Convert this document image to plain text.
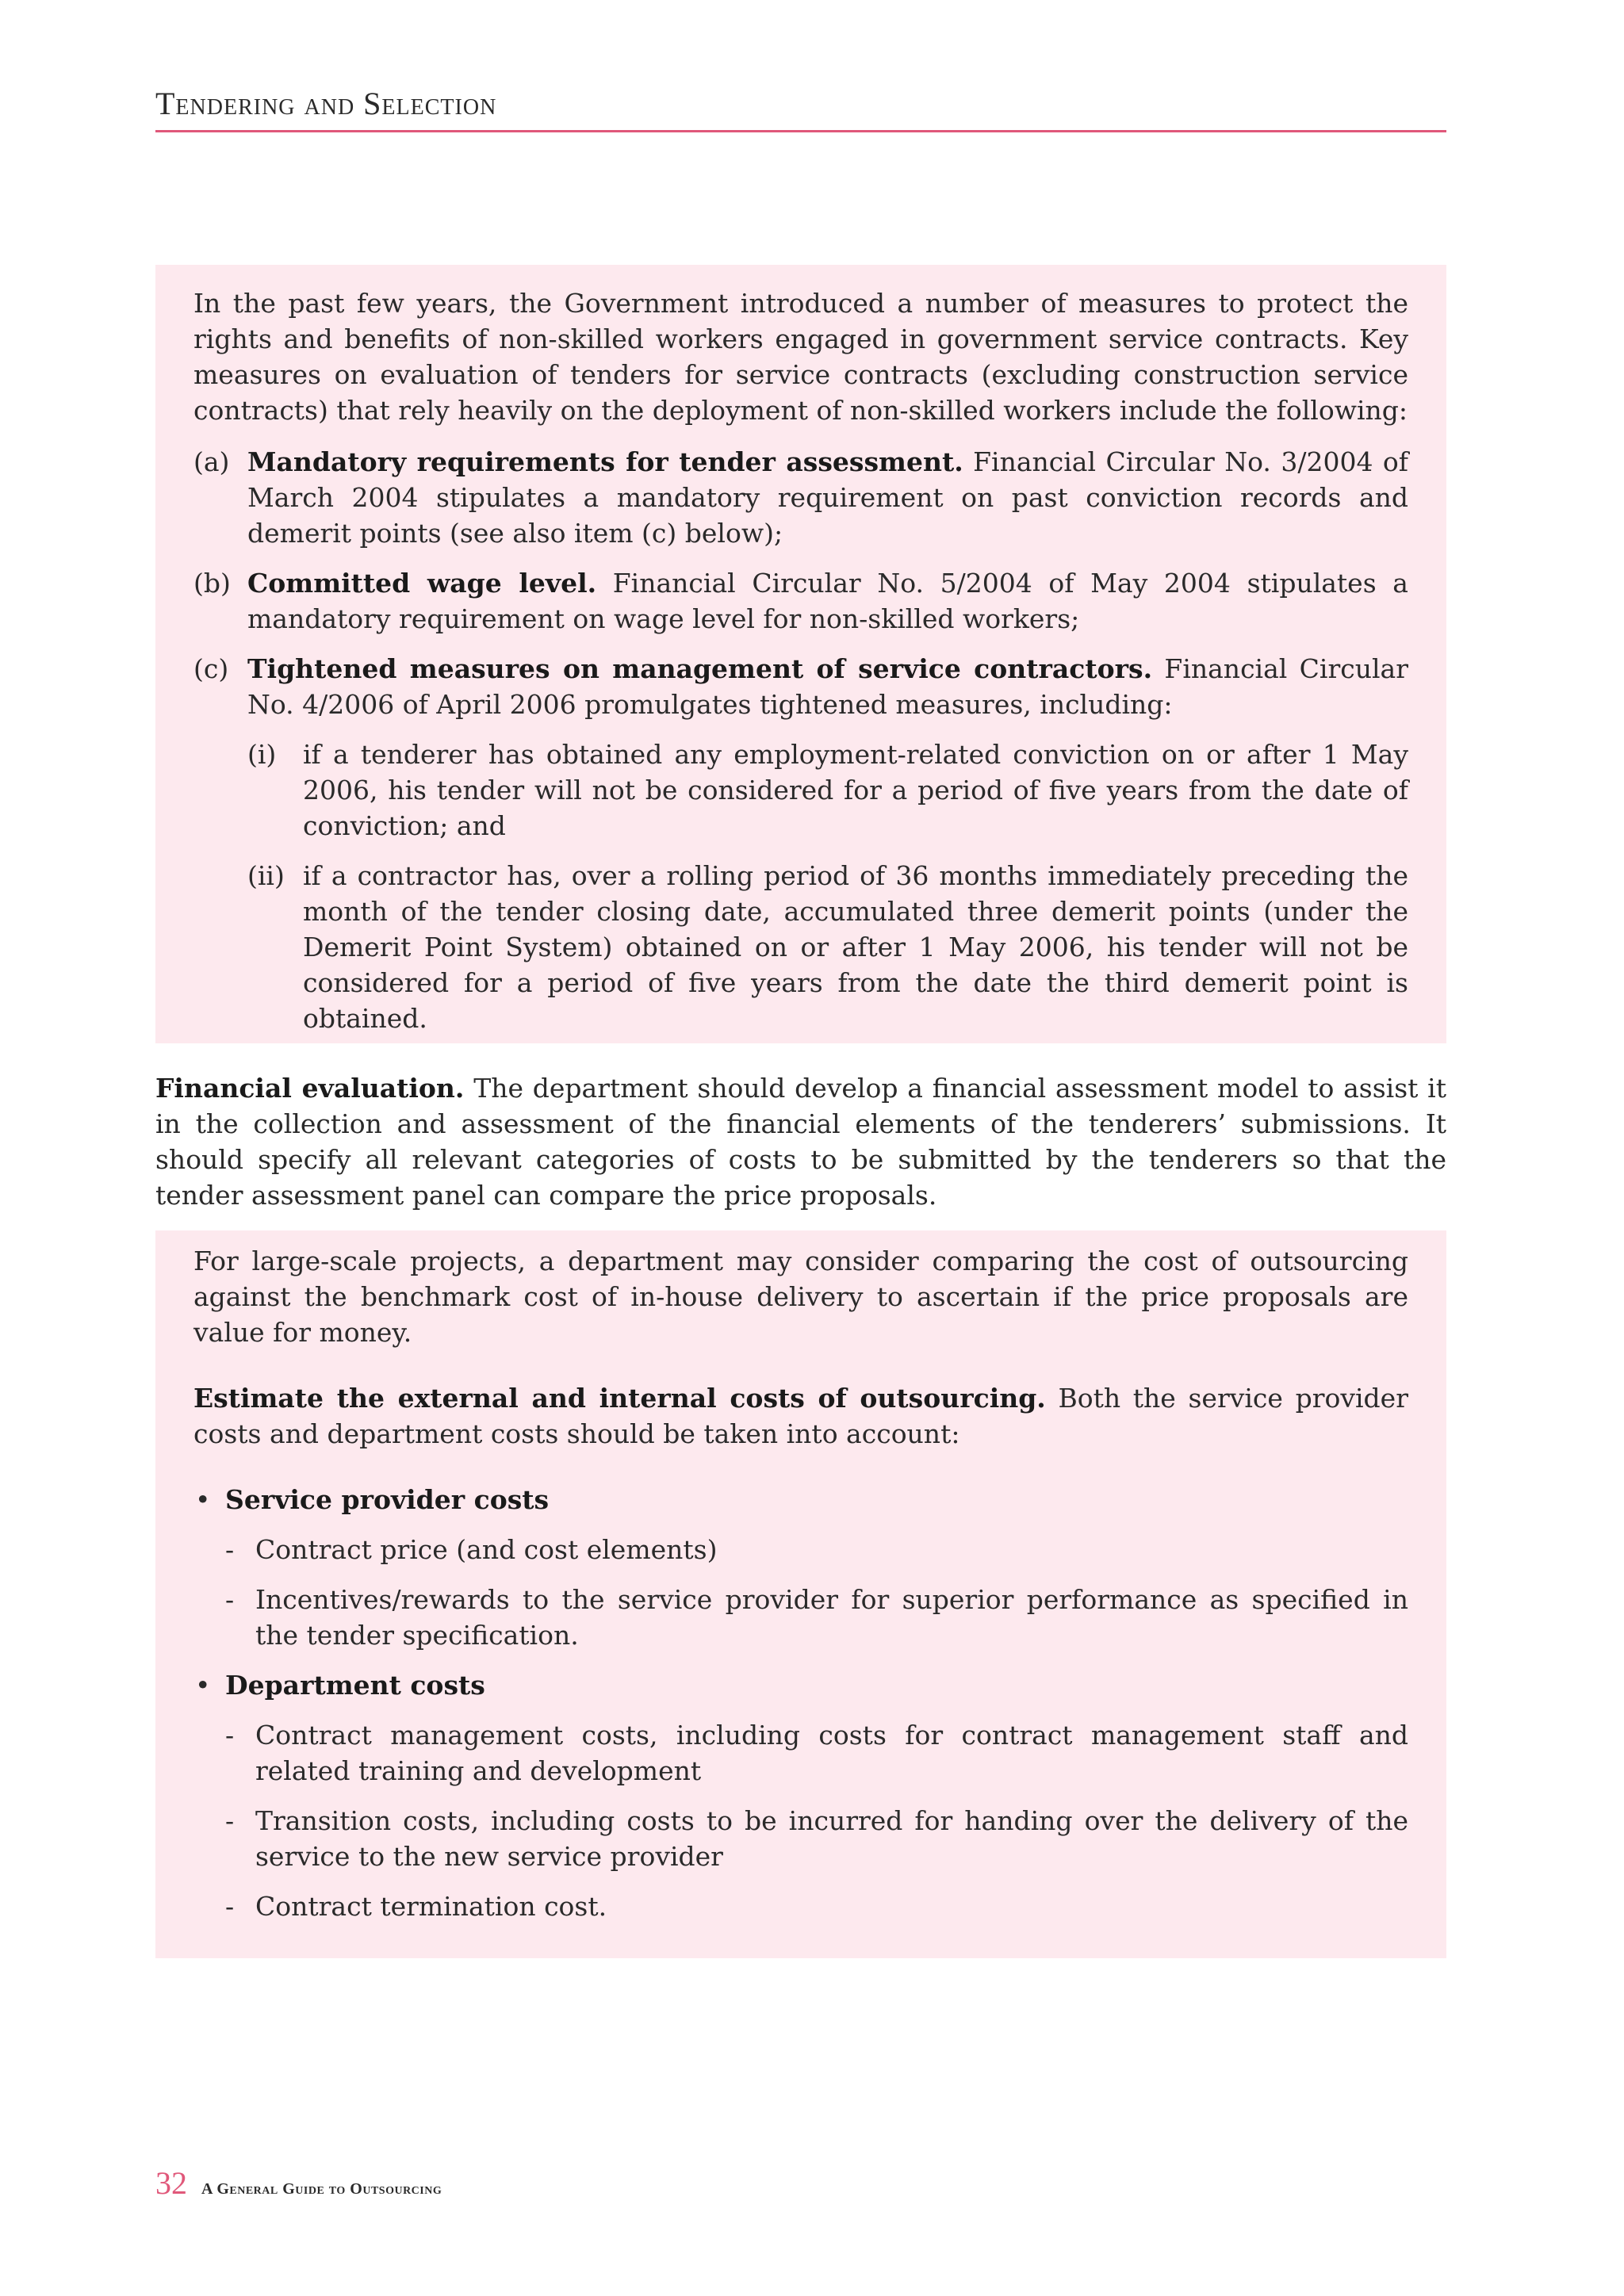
Tendering and Selection

In the past few years, the Government introduced a number of measures to protect the rights and benefits of non-skilled workers engaged in government service contracts. Key measures on evaluation of tenders for service contracts (excluding construction service contracts) that rely heavily on the deployment of non-skilled workers include the following:

(a) Mandatory requirements for tender assessment. Financial Circular No. 3/2004 of March 2004 stipulates a mandatory requirement on past conviction records and demerit points (see also item (c) below);
(b) Committed wage level. Financial Circular No. 5/2004 of May 2004 stipulates a mandatory requirement on wage level for non-skilled workers;
(c) Tightened measures on management of service contractors. Financial Circular No. 4/2006 of April 2006 promulgates tightened measures, including:
(i) if a tenderer has obtained any employment-related conviction on or after 1 May 2006, his tender will not be considered for a period of five years from the date of conviction; and
(ii) if a contractor has, over a rolling period of 36 months immediately preceding the month of the tender closing date, accumulated three demerit points (under the Demerit Point System) obtained on or after 1 May 2006, his tender will not be considered for a period of five years from the date the third demerit point is obtained.
Financial evaluation. The department should develop a financial assessment model to assist it in the collection and assessment of the financial elements of the tenderers’ submissions. It should specify all relevant categories of costs to be submitted by the tenderers so that the tender assessment panel can compare the price proposals.

For large-scale projects, a department may consider comparing the cost of outsourcing against the benchmark cost of in-house delivery to ascertain if the price proposals are value for money.

Estimate the external and internal costs of outsourcing. Both the service provider costs and department costs should be taken into account:

• Service provider costs
- Contract price (and cost elements)
- Incentives/rewards to the service provider for superior performance as specified in the tender specification.
• Department costs
- Contract management costs, including costs for contract management staff and related training and development
- Transition costs, including costs to be incurred for handing over the delivery of the service to the new service provider
- Contract termination cost.
32 A General Guide to Outsourcing
